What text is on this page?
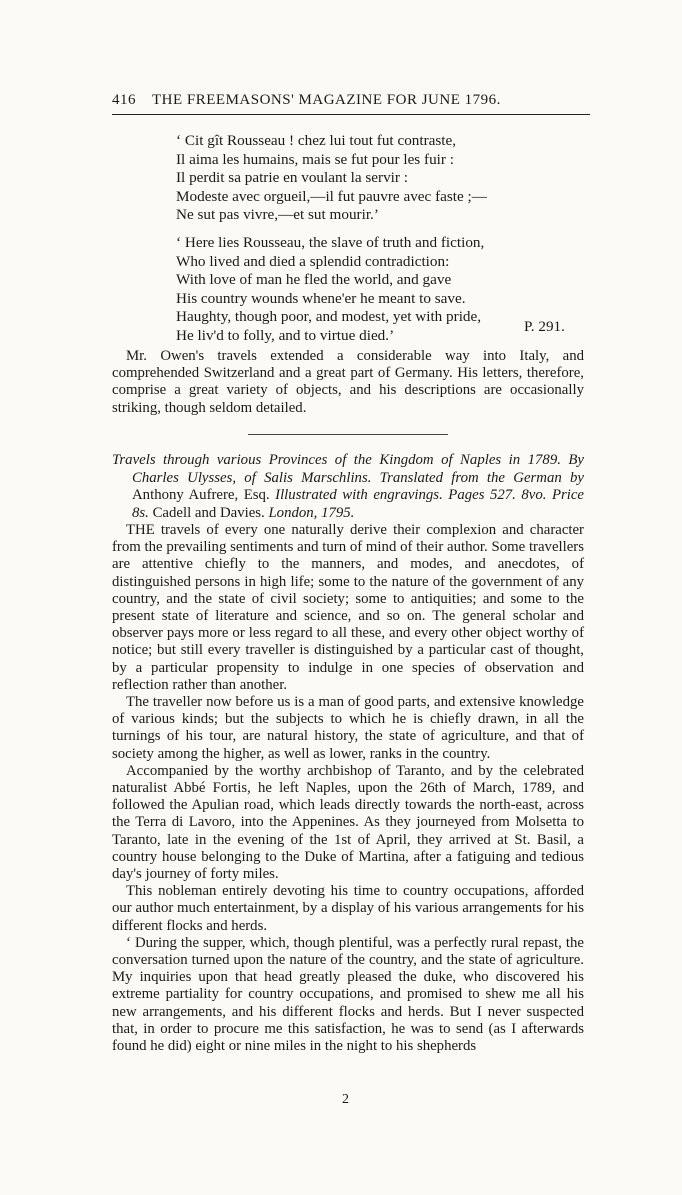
416 THE FREEMASONS' MAGAZINE FOR JUNE 1796.
‘ Cit gît Rousseau ! chez lui tout fut contraste,
Il aima les humains, mais se fut pour les fuir :
Il perdit sa patrie en voulant la servir :
Modeste avec orgueil,—il fut pauvre avec faste ;—
Ne sut pas vivre,—et sut mourir.’
‘ Here lies Rousseau, the slave of truth and fiction,
Who lived and died a splendid contradiction:
With love of man he fled the world, and gave
His country wounds whene'er he meant to save.
Haughty, though poor, and modest, yet with pride,
He liv'd to folly, and to virtue died.’
P. 291.
Mr. Owen's travels extended a considerable way into Italy, and comprehended Switzerland and a great part of Germany. His letters, therefore, comprise a great variety of objects, and his descriptions are occasionally striking, though seldom detailed.
Travels through various Provinces of the Kingdom of Naples in 1789. By Charles Ulysses, of Salis Marschlins. Translated from the German by Anthony Aufrere, Esq. Illustrated with engravings. Pages 527. 8vo. Price 8s. Cadell and Davies. London, 1795.

THE travels of every one naturally derive their complexion and character from the prevailing sentiments and turn of mind of their author. Some travellers are attentive chiefly to the manners, and modes, and anecdotes, of distinguished persons in high life; some to the nature of the government of any country, and the state of civil society; some to antiquities; and some to the present state of literature and science, and so on. The general scholar and observer pays more or less regard to all these, and every other object worthy of notice; but still every traveller is distinguished by a particular cast of thought, by a particular propensity to indulge in one species of observation and reflection rather than another.

The traveller now before us is a man of good parts, and extensive knowledge of various kinds; but the subjects to which he is chiefly drawn, in all the turnings of his tour, are natural history, the state of agriculture, and that of society among the higher, as well as lower, ranks in the country.

Accompanied by the worthy archbishop of Taranto, and by the celebrated naturalist Abbé Fortis, he left Naples, upon the 26th of March, 1789, and followed the Apulian road, which leads directly towards the north-east, across the Terra di Lavoro, into the Appenines. As they journeyed from Molsetta to Taranto, late in the evening of the 1st of April, they arrived at St. Basil, a country house belonging to the Duke of Martina, after a fatiguing and tedious day's journey of forty miles.

This nobleman entirely devoting his time to country occupations, afforded our author much entertainment, by a display of his various arrangements for his different flocks and herds.

‘ During the supper, which, though plentiful, was a perfectly rural repast, the conversation turned upon the nature of the country, and the state of agriculture. My inquiries upon that head greatly pleased the duke, who discovered his extreme partiality for country occupations, and promised to shew me all his new arrangements, and his different flocks and herds. But I never suspected that, in order to procure me this satisfaction, he was to send (as I afterwards found he did) eight or nine miles in the night to his shepherds

2
